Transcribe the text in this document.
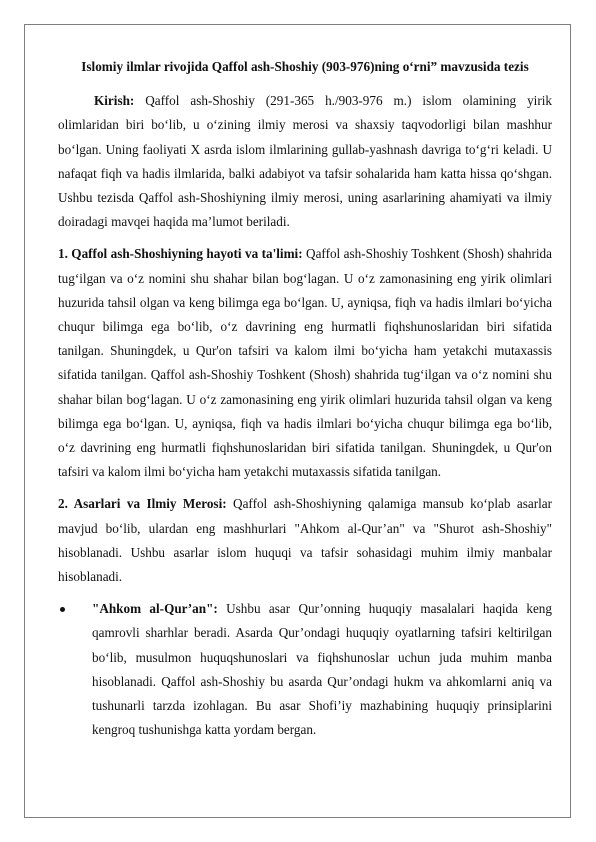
Islomiy ilmlar rivojida Qaffol ash-Shoshiy (903-976)ning o‘rni” mavzusida tezis

Kirish: Qaffol ash-Shoshiy (291-365 h./903-976 m.) islom olamining yirik olimlaridan biri bo‘lib, u o‘zining ilmiy merosi va shaxsiy taqvodorligi bilan mashhur bo‘lgan. Uning faoliyati X asrda islom ilmlarining gullab-yashnash davriga to‘g‘ri keladi. U nafaqat fiqh va hadis ilmlarida, balki adabiyot va tafsir sohalarida ham katta hissa qo‘shgan. Ushbu tezisda Qaffol ash-Shoshiyning ilmiy merosi, uning asarlarining ahamiyati va ilmiy doiradagi mavqei haqida ma’lumot beriladi.

1. Qaffol ash-Shoshiyning hayoti va ta'limi: Qaffol ash-Shoshiy Toshkent (Shosh) shahrida tug‘ilgan va o‘z nomini shu shahar bilan bog‘lagan. U o‘z zamonasining eng yirik olimlari huzurida tahsil olgan va keng bilimga ega bo‘lgan. U, ayniqsa, fiqh va hadis ilmlari bo‘yicha chuqur bilimga ega bo‘lib, o‘z davrining eng hurmatli fiqhshunoslaridan biri sifatida tanilgan. Shuningdek, u Qur'on tafsiri va kalom ilmi bo‘yicha ham yetakchi mutaxassis sifatida tanilgan. Qaffol ash-Shoshiy Toshkent (Shosh) shahrida tug‘ilgan va o‘z nomini shu shahar bilan bog‘lagan. U o‘z zamonasining eng yirik olimlari huzurida tahsil olgan va keng bilimga ega bo‘lgan. U, ayniqsa, fiqh va hadis ilmlari bo‘yicha chuqur bilimga ega bo‘lib, o‘z davrining eng hurmatli fiqhshunoslaridan biri sifatida tanilgan. Shuningdek, u Qur'on tafsiri va kalom ilmi bo‘yicha ham yetakchi mutaxassis sifatida tanilgan.

2. Asarlari va Ilmiy Merosi: Qaffol ash-Shoshiyning qalamiga mansub ko‘plab asarlar mavjud bo‘lib, ulardan eng mashhurlari "Ahkom al-Qur’an" va "Shurot ash-Shoshiy" hisoblanadi. Ushbu asarlar islom huquqi va tafsir sohasidagi muhim ilmiy manbalar hisoblanadi.

"Ahkom al-Qur’an": Ushbu asar Qur’onning huquqiy masalalari haqida keng qamrovli sharhlar beradi. Asarda Qur’ondagi huquqiy oyatlarning tafsiri keltirilgan bo‘lib, musulmon huquqshunoslari va fiqhshunoslar uchun juda muhim manba hisoblanadi. Qaffol ash-Shoshiy bu asarda Qur’ondagi hukm va ahkomlarni aniq va tushunarli tarzda izohlagan. Bu asar Shofi’iy mazhabining huquqiy prinsiplarini kengroq tushunishga katta yordam bergan.
